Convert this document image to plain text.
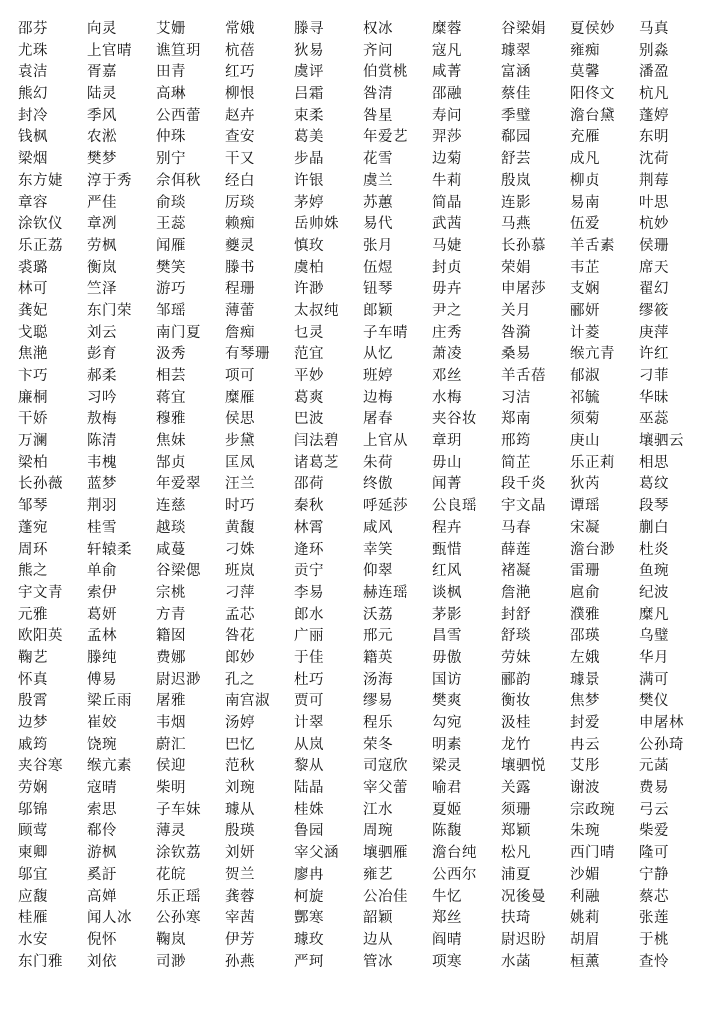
邵芬	向灵	艾姗	常娥	滕寻	权冰	糜蓉	谷梁娟	夏侯妙	马真
尤珠	上官晴	谯笪玥	杭蓓	狄易	齐问	寇凡	璩翠	雍痴	别淼
袁洁	胥嘉	田青	红巧	虞评	伯赏桃	咸菁	富涵	莫馨	潘盈
熊幻	陆灵	高琳	柳恨	吕霜	咎清	邵融	蔡佳	阳佟文	杭凡
封冷	季风	公西蕾	赵卉	束柔	咎星	寿问	季璧	澹台黛	蓬婷
钱枫	农淞	仲珠	查安	葛美	年爱艺	羿莎	郗园	充雁	东明
梁烟	樊梦	别宁	干又	步晶	花雪	边菊	舒芸	成凡	沈荷
东方婕	淳于秀	佘佴秋	经白	许银	虞兰	牛莉	殷岚	柳贞	荆莓
章容	严佳	俞琰	厉琰	茅婷	苏蕙	简晶	连影	易南	叶思
涂钦仪	章冽	王蕊	赖痴	岳帅姝	易代	武茜	马燕	伍爱	杭妙
乐正荔	劳枫	闻雁	夔灵	慎玫	张月	马婕	长孙慕	羊舌素	侯珊
裘璐	衡岚	樊笑	滕书	虞柏	伍煜	封贞	荣娟	韦芷	席天
林可	竺泽	游巧	程珊	许渺	钮琴	毋卉	申屠莎	支娴	翟幻
龚妃	东门荣	邹瑶	薄蕾	太叔纯	郎颖	尹之	关月	郦妍	缪筱
戈聪	刘云	南门夏	詹痴	乜灵	子车晴	庄秀	咎漪	计菱	庚萍
焦滟	彭育	汲秀	有琴珊	范宜	从忆	萧凌	桑易	缑亢青	许红
卞巧	郝柔	相芸	项可	平妙	班婷	邓丝	羊舌蓓	郁淑	刁菲
廉桐	习吟	蒋宜	糜雁	葛爽	边梅	水梅	习洁	祁毓	华昧
干娇	敖梅	穆雅	侯思	巴波	屠春	夹谷妆	郑南	须菊	巫蕊
万澜	陈清	焦妹	步黛	闫法碧	上官从	章玥	邢筠	庚山	壤驷云
梁柏	韦槐	郜贞	匡凤	诸葛芝	朱荷	毋山	简芷	乐正莉	相思
长孙薇	蓝梦	年爱翠	汪兰	邵荷	终傲	闻菁	段千炎	狄芮	葛纹
邹琴	荆羽	连慈	时巧	秦秋	呼延莎	公良瑶	宇文晶	谭瑶	段琴
蓬宛	桂雪	越琰	黄馥	林霄	咸风	程卉	马春	宋凝	蒯白
周环	轩辕柔	咸蔓	刁姝	逄环	幸笑	甄惜	薛莲	澹台渺	杜炎
熊之	单俞	谷梁偲	班岚	贡宁	仰翠	红风	褚凝	雷珊	鱼琬
宇文青	索伊	宗桃	刁萍	李易	赫连瑶	谈枫	詹滟	扈俞	纪波
元雅	葛妍	方青	孟芯	郎水	沃荔	茅影	封舒	濮雅	糜凡
欧阳英	孟林	籍囡	咎花	广丽	邢元	昌雪	舒琰	邵瑛	乌璧
鞠艺	滕纯	费娜	郎妙	于佳	籍英	毋傲	劳妹	左娥	华月
怀真	傅易	尉迟渺	孔之	杜巧	汤海	国访	郦韵	璩景	满可
殷霄	梁丘雨	屠雅	南宫淑	贾可	缪易	樊爽	衡妆	焦梦	樊仪
边梦	崔姣	韦烟	汤婷	计翠	程乐	勾宛	汲桂	封爱	申屠林
戚筠	饶琬	蔚汇	巴忆	从岚	荣冬	明素	龙竹	冉云	公孙琦
夹谷寒	缑亢素	侯迎	范秋	黎从	司寇欣	梁灵	壤驷悦	艾彤	元菡
劳娴	寇晴	柴明	刘琬	陆晶	宰父蕾	喻君	关露	谢波	费易
邬锦	索思	子车妹	璩从	桂姝	江水	夏姬	须珊	宗政琬	弓云
顾莺	郗伶	薄灵	殷瑛	鲁园	周琬	陈馥	郑颖	朱琬	柴爱
柬卿	游枫	涂钦荔	刘妍	宰父涵	壤驷雁	澹台纯	松凡	西门晴	隆可
邬宜	奚訏	花皖	贺兰	廖冉	雍艺	公西尔	浦夏	沙媚	宁静
应馥	高婵	乐正瑶	龚蓉	柯旋	公冶佳	牛忆	况後曼	利融	蔡芯
桂雁	闻人冰	公孙寒	宰茜	酆寒	韶颖	郑丝	扶琦	姚莉	张莲
水安	倪怀	鞠岚	伊芳	璩玫	边从	阎晴	尉迟盼	胡眉	于桃
东门雅	刘依	司渺	孙燕	严珂	管冰	项寒	水菡	桓薰	查怜
